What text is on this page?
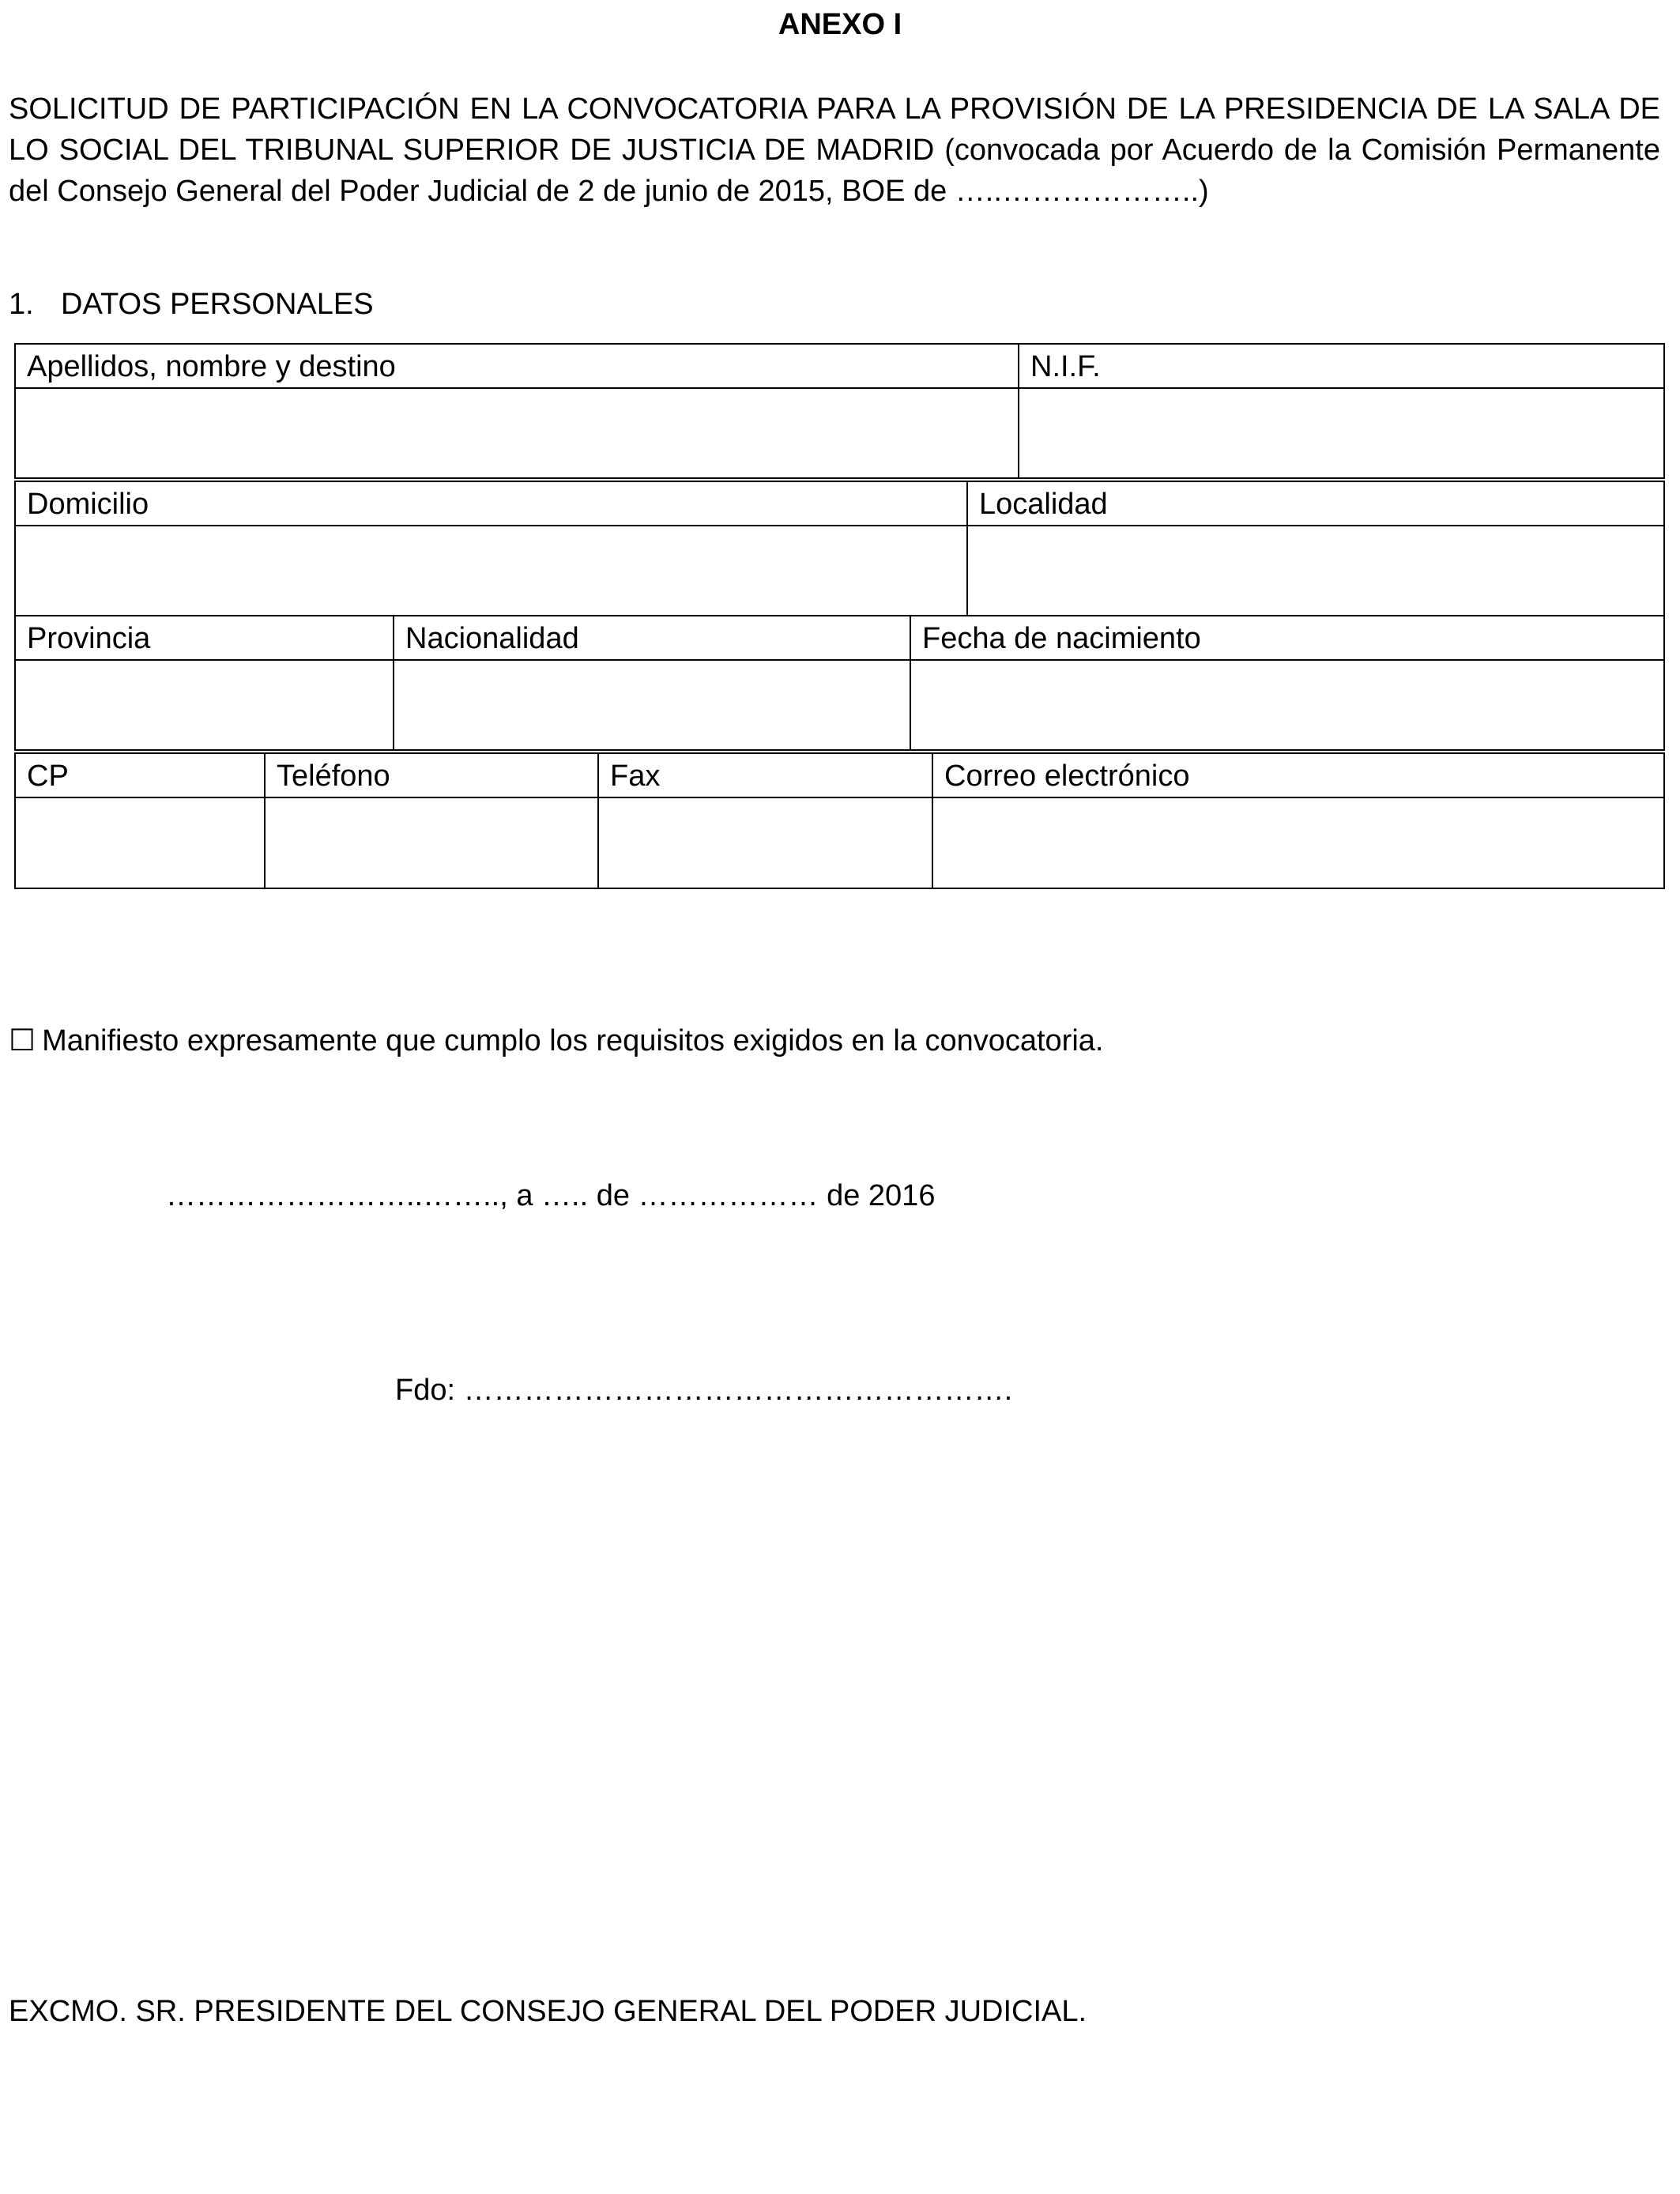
ANEXO I
SOLICITUD DE PARTICIPACIÓN EN LA CONVOCATORIA PARA LA PROVISIÓN DE LA PRESIDENCIA DE LA SALA DE LO SOCIAL DEL TRIBUNAL SUPERIOR DE JUSTICIA DE MADRID (convocada por Acuerdo de la Comisión Permanente del Consejo General del Poder Judicial de 2 de junio de 2015, BOE de …..………………..)
1. DATOS PERSONALES
Apellidos, nombre y destino	N.I.F.
Domicilio	Localidad
Provincia	Nacionalidad	Fecha de nacimiento
CP	Teléfono	Fax	Correo electrónico
☐ Manifiesto expresamente que cumplo los requisitos exigidos en la convocatoria.
……………………..…….., a ….. de ……………… de 2016
Fdo: ……………………………………………….
EXCMO. SR. PRESIDENTE DEL CONSEJO GENERAL DEL PODER JUDICIAL.
